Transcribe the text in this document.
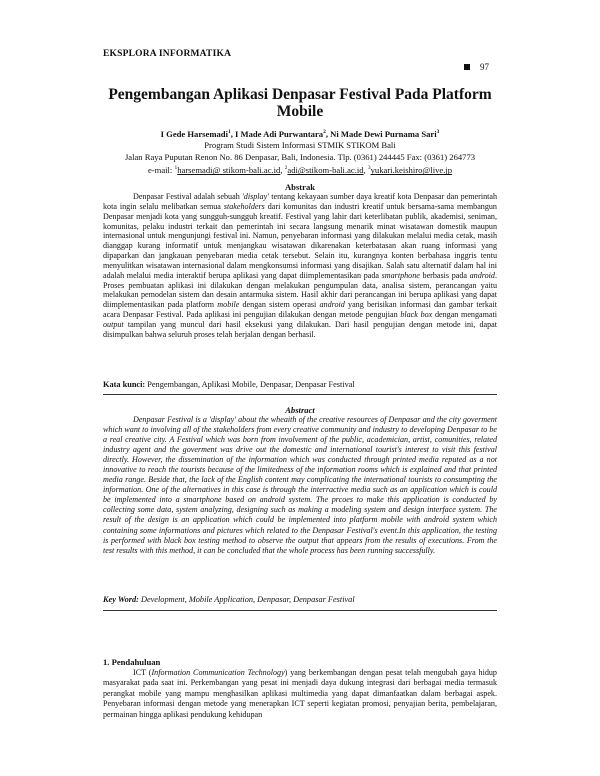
EKSPLORA INFORMATIKA
97
Pengembangan Aplikasi Denpasar Festival Pada Platform Mobile
I Gede Harsemadi$^1$, I Made Adi Purwantara$^2$, Ni Made Dewi Purnama Sari$^3$
Program Studi Sistem Informasi STMIK STIKOM Bali
Jalan Raya Puputan Renon No. 86 Denpasar, Bali, Indonesia. Tlp. (0361) 244445 Fax: (0361) 264773
e-mail: $^1$harsemadi@ stikom-bali.ac.id, $^2$adi@stikom-bali.ac.id, $^3$yukari.keishiro@live.jp
Abstrak
Denpasar Festival adalah sebuah 'display' tentang kekayaan sumber daya kreatif kota Denpasar dan pemerintah kota ingin selalu melibatkan semua stakeholders dari komunitas dan industri kreatif untuk bersama-sama membangun Denpasar menjadi kota yang sungguh-sungguh kreatif. Festival yang lahir dari keterlibatan publik, akademisi, seniman, komunitas, pelaku industri terkait dan pemerintah ini secara langsung menarik minat wisatawan domestik maupun internasional untuk mengunjungi festival ini. Namun, penyebaran informasi yang dilakukan melalui media cetak, masih dianggap kurang informatif untuk menjangkau wisatawan dikarenakan keterbatasan akan ruang informasi yang dipaparkan dan jangkauan penyebaran media cetak tersebut. Selain itu, kurangnya konten berbahasa inggris tentu menyulitkan wisatawan internasional dalam mengkonsumsi informasi yang disajikan. Salah satu alternatif dalam hal ini adalah melalui media interaktif berupa aplikasi yang dapat diimplementasikan pada smartphone berbasis pada android. Proses pembuatan aplikasi ini dilakukan dengan melakukan pengumpulan data, analisa sistem, perancangan yaitu melakukan pemodelan sistem dan desain antarmuka sistem. Hasil akhir dari perancangan ini berupa aplikasi yang dapat diimplementasikan pada platform mobile dengan sistem operasi android yang berisikan informasi dan gambar terkait acara Denpasar Festival. Pada aplikasi ini pengujian dilakukan dengan metode pengujian black box dengan mengamati output tampilan yang muncul dari hasil eksekusi yang dilakukan. Dari hasil pengujian dengan metode ini, dapat disimpulkan bahwa seluruh proses telah berjalan dengan berhasil.
Kata kunci: Pengembangan, Aplikasi Mobile, Denpasar, Denpasar Festival
Abstract
Denpasar Festival is a 'display' about the wheaith of the creative resources of Denpasar and the city goverment which want to involving all of the stakeholders from every creative community and industry to developing Denpasar to be a real creative city. A Festival which was born from involvement of the public, academician, artist, comunities, related industry agent and the goverment was drive out the domestic and international tourist's interest to visit this festival directly. However, the dissemination of the information which was conducted through printed media reputed as a not innovative to reach the tourists because of the limitedness of the information rooms which is explained and that printed media range. Beside that, the lack of the English content may complicating the international tourists to consumpting the information. One of the alternatives in this case is through the interractive media such as an application which is could be implemented into a smartphone based on android system. The prcoes to make this application is conducted by collecting some data, system analyzing, designing such as making a modeling system and design interface system. The result of the design is an application which could be implemented into platform mobile with android system which containing some informations and pictures which related to the Denpasar Festival's event.In this application, the testing is performed with black box testing method to observe the output that appears from the results of executions. From the test results with this method, it can be concluded that the whole process has been running successfully.
Key Word: Development, Mobile Application, Denpasar, Denpasar Festival
1. Pendahuluan
ICT (Information Communication Technology) yang berkembangan dengan pesat telah mengubah gaya hidup masyarakat pada saat ini. Perkembangan yang pesat ini menjadi daya dukung integrasi dari berbagai media termasuk perangkat mobile yang mampu menghasilkan aplikasi multimedia yang dapat dimanfaatkan dalam berbagai aspek. Penyebaran informasi dengan metode yang menerapkan ICT seperti kegiatan promosi, penyajian berita, pembelajaran, permainan hingga aplikasi pendukung kehidupan
